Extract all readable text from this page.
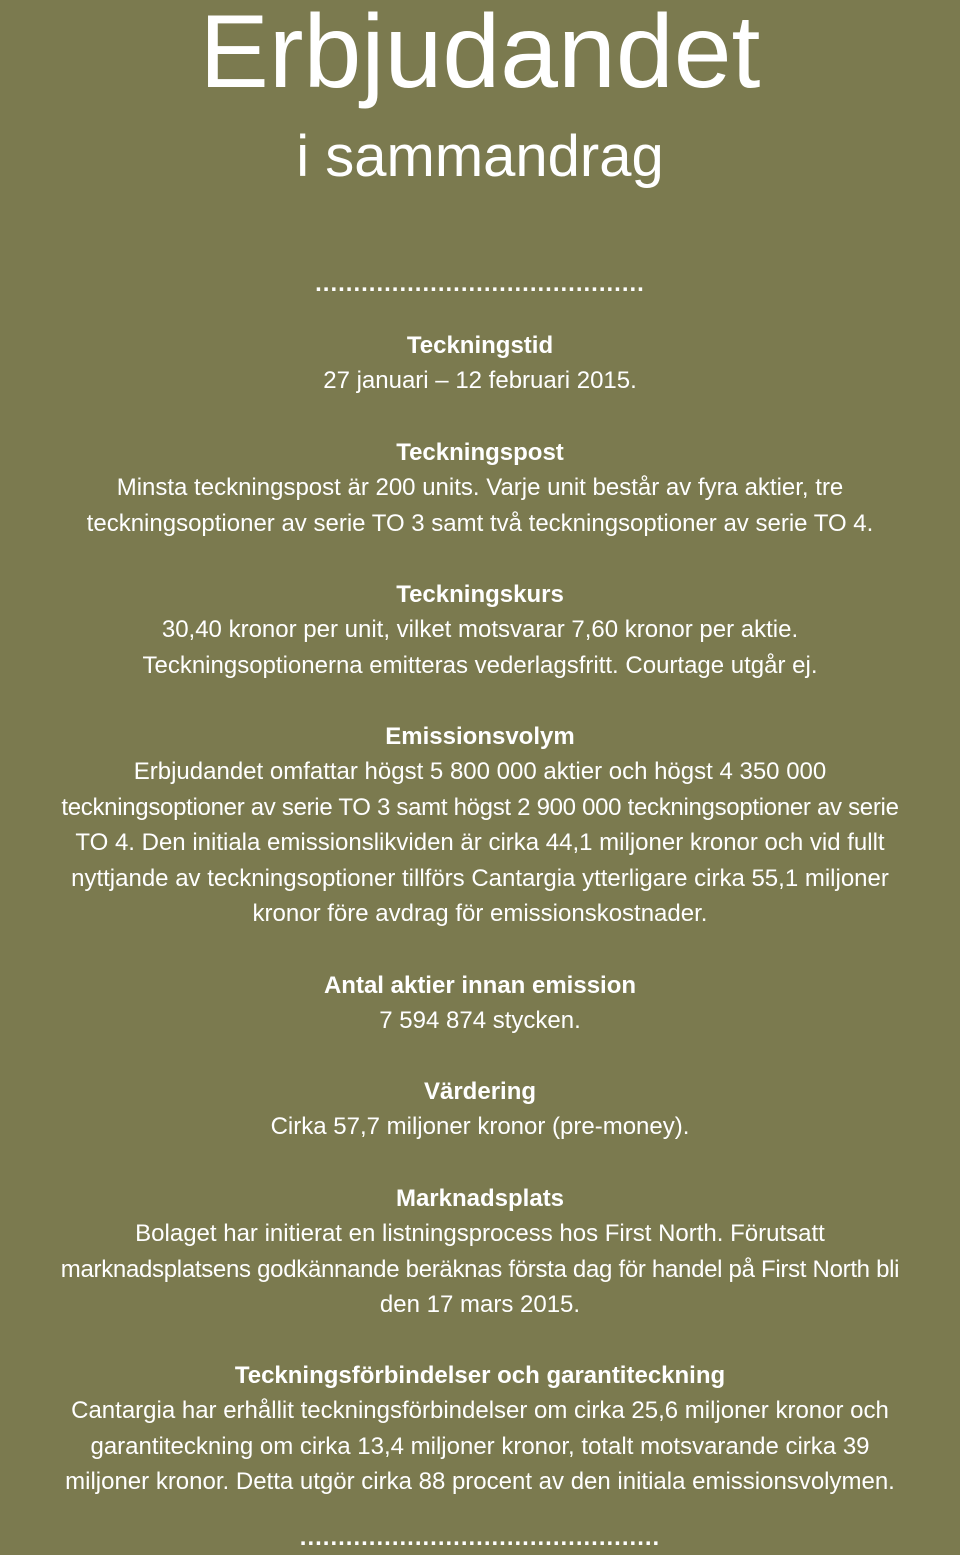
Erbjudandet
i sammandrag
...........................................

Teckningstid

27 januari – 12 februari 2015.

Teckningspost

Minsta teckningspost är 200 units. Varje unit består av fyra aktier, tre

teckningsoptioner av serie TO 3 samt två teckningsoptioner av serie TO 4.

Teckningskurs

30,40 kronor per unit, vilket motsvarar 7,60 kronor per aktie.

Teckningsoptionerna emitteras vederlagsfritt. Courtage utgår ej.

Emissionsvolym

Erbjudandet omfattar högst 5 800 000 aktier och högst 4 350 000

teckningsoptioner av serie TO 3 samt högst 2 900 000 teckningsoptioner av serie

TO 4. Den initiala emissionslikviden är cirka 44,1 miljoner kronor och vid fullt

nyttjande av teckningsoptioner tillförs Cantargia ytterligare cirka 55,1 miljoner

kronor före avdrag för emissionskostnader.

Antal aktier innan emission

7 594 874 stycken.

Värdering

Cirka 57,7 miljoner kronor (pre-money).

Marknadsplats

Bolaget har initierat en listningsprocess hos First North. Förutsatt

marknadsplatsens godkännande beräknas första dag för handel på First North bli

den 17 mars 2015.

Teckningsförbindelser och garantiteckning

Cantargia har erhållit teckningsförbindelser om cirka 25,6 miljoner kronor och

garantiteckning om cirka 13,4 miljoner kronor, totalt motsvarande cirka 39

miljoner kronor. Detta utgör cirka 88 procent av den initiala emissionsvolymen.

...............................................
